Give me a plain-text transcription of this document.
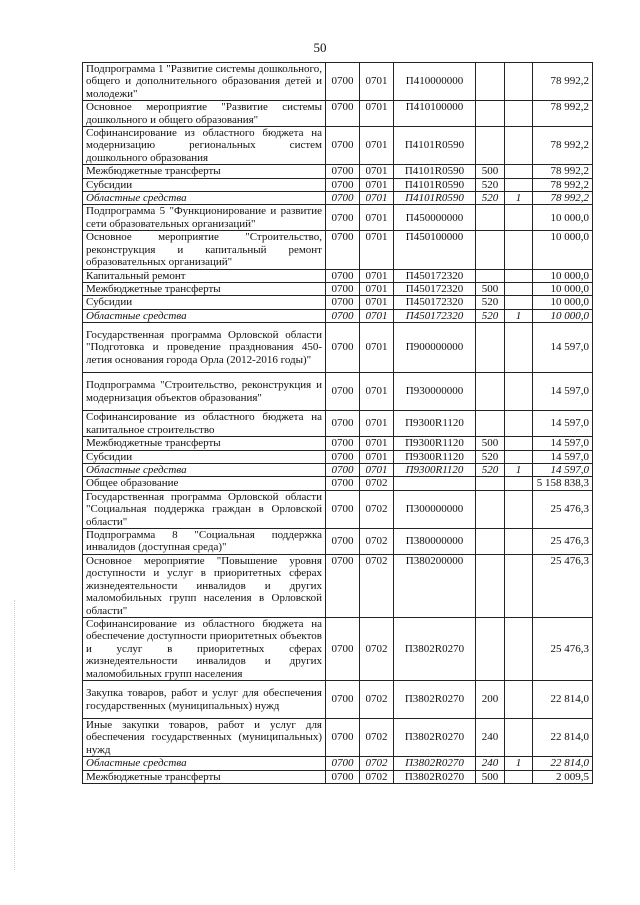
50
Подпрограмма 1 "Развитие системы дошкольного, общего и дополнительного образования детей и молодежи"	0700	0701	П410000000			78 992,2
Основное мероприятие "Развитие системы дошкольного и общего образования"	0700	0701	П410100000			78 992,2
Софинансирование из областного бюджета на модернизацию региональных систем дошкольного образования	0700	0701	П4101R0590			78 992,2
Межбюджетные трансферты	0700	0701	П4101R0590	500		78 992,2
Субсидии	0700	0701	П4101R0590	520		78 992,2
Областные средства	0700	0701	П4101R0590	520	1	78 992,2
Подпрограмма 5 "Функционирование и развитие сети образовательных организаций"	0700	0701	П450000000			10 000,0
Основное мероприятие "Строительство, реконструкция и капитальный ремонт образовательных организаций"	0700	0701	П450100000			10 000,0
Капитальный ремонт	0700	0701	П450172320			10 000,0
Межбюджетные трансферты	0700	0701	П450172320	500		10 000,0
Субсидии	0700	0701	П450172320	520		10 000,0
Областные средства	0700	0701	П450172320	520	1	10 000,0
Государственная программа Орловской области "Подготовка и проведение празднования 450-летия основания города Орла (2012-2016 годы)"	0700	0701	П900000000			14 597,0
Подпрограмма "Строительство, реконструкция и модернизация объектов образования"	0700	0701	П930000000			14 597,0
Софинансирование из областного бюджета на капитальное строительство	0700	0701	П9300R1120			14 597,0
Межбюджетные трансферты	0700	0701	П9300R1120	500		14 597,0
Субсидии	0700	0701	П9300R1120	520		14 597,0
Областные средства	0700	0701	П9300R1120	520	1	14 597,0
Общее образование	0700	0702				5 158 838,3
Государственная программа Орловской области "Социальная поддержка граждан в Орловской области"	0700	0702	П300000000			25 476,3
Подпрограмма 8 "Социальная поддержка инвалидов (доступная среда)"	0700	0702	П380000000			25 476,3
Основное мероприятие "Повышение уровня доступности и услуг в приоритетных сферах жизнедеятельности инвалидов и других маломобильных групп населения в Орловской области"	0700	0702	П380200000			25 476,3
Софинансирование из областного бюджета на обеспечение доступности приоритетных объектов и услуг в приоритетных сферах жизнедеятельности инвалидов и других маломобильных групп населения	0700	0702	П3802R0270			25 476,3
Закупка товаров, работ и услуг для обеспечения государственных (муниципальных) нужд	0700	0702	П3802R0270	200		22 814,0
Иные закупки товаров, работ и услуг для обеспечения государственных (муниципальных) нужд	0700	0702	П3802R0270	240		22 814,0
Областные средства	0700	0702	П3802R0270	240	1	22 814,0
Межбюджетные трансферты	0700	0702	П3802R0270	500		2 009,5
